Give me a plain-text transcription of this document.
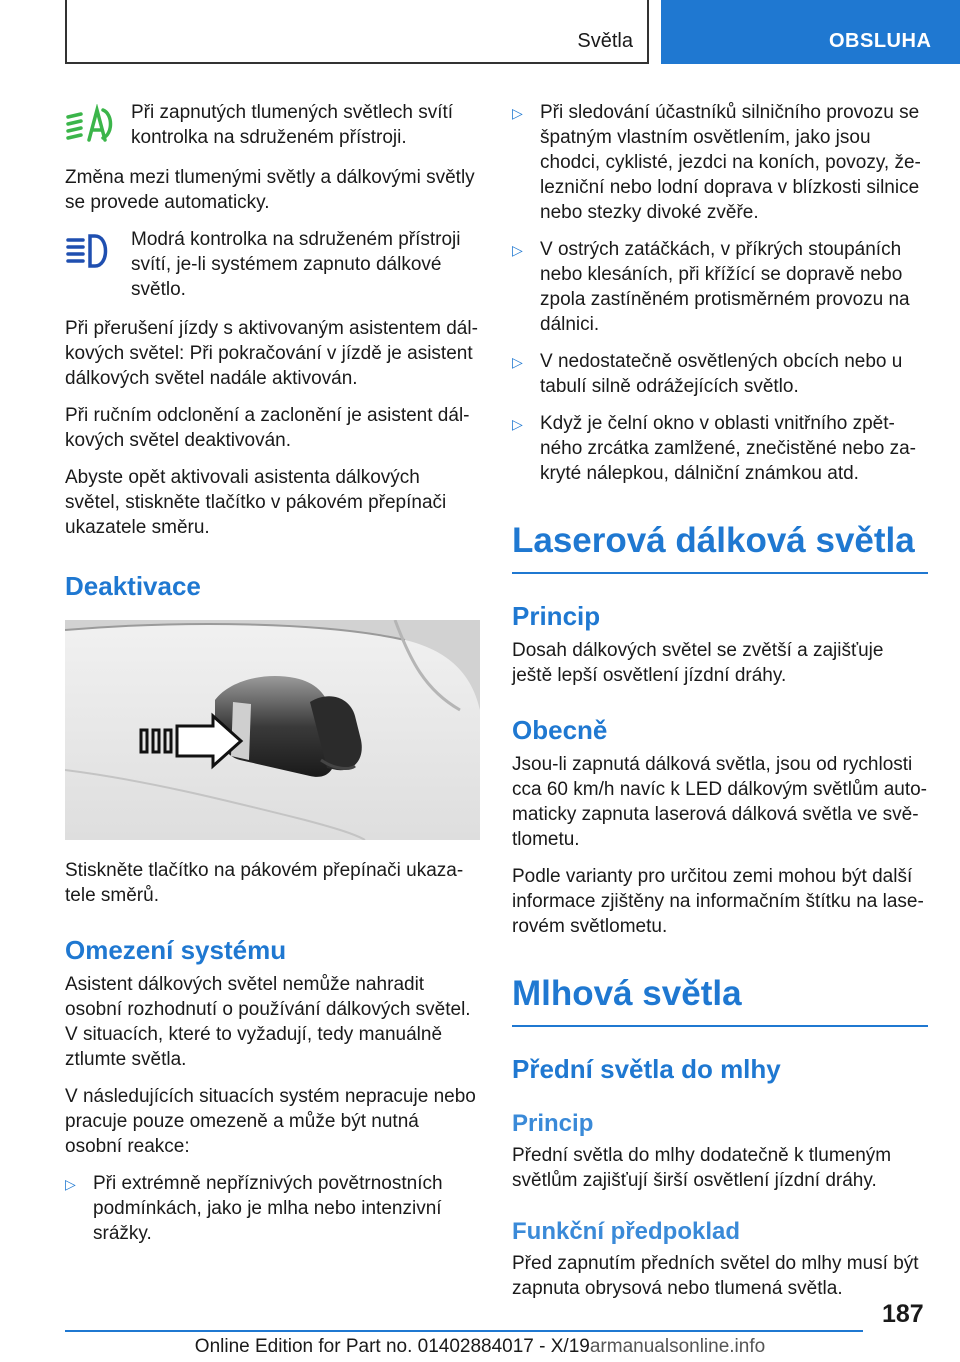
Světla	OBSLUHA
Při zapnutých tlumených světlech svítí kontrolka na sdruženém přístroji.

Změna mezi tlumenými světly a dálkovými světly se provede automaticky.

Modrá kontrolka na sdruženém přístroji svítí, je-li systémem zapnuto dálkové světlo.

Při přerušení jízdy s aktivovaným asistentem dálkových světel: Při pokračování v jízdě je asistent dálkových světel nadále aktivován.

Při ručním odclonění a zaclonění je asistent dálkových světel deaktivován.

Abyste opět aktivovali asistenta dálkových světel, stiskněte tlačítko v pákovém přepínači ukazatele směru.

Deaktivace

Stiskněte tlačítko na pákovém přepínači ukazatele směrů.

Omezení systému

Asistent dálkových světel nemůže nahradit osobní rozhodnutí o používání dálkových světel. V situacích, které to vyžadují, tedy manuálně ztlumte světla.

V následujících situacích systém nepracuje nebo pracuje pouze omezeně a může být nutná osobní reakce:

▷ Při extrémně nepříznivých povětrnostních podmínkách, jako je mlha nebo intenzivní srážky.
▷ Při sledování účastníků silničního provozu se špatným vlastním osvětlením, jako jsou chodci, cyklisté, jezdci na koních, povozy, železniční nebo lodní doprava v blízkosti silnice nebo stezky divoké zvěře.
▷ V ostrých zatáčkách, v příkrých stoupáních nebo klesáních, při křížící se dopravě nebo zpola zastíněném protisměrném provozu na dálnici.
▷ V nedostatečně osvětlených obcích nebo u tabulí silně odrážejících světlo.
▷ Když je čelní okno v oblasti vnitřního zpětného zrcátka zamlžené, znečistěné nebo zakryté nálepkou, dálniční známkou atd.
Laserová dálková světla
Princip

Dosah dálkových světel se zvětší a zajišťuje ještě lepší osvětlení jízdní dráhy.

Obecně

Jsou-li zapnutá dálková světla, jsou od rychlosti cca 60 km/h navíc k LED dálkovým světlům automaticky zapnuta laserová dálková světla ve světlometu.

Podle varianty pro určitou zemi mohou být další informace zjištěny na informačním štítku na laserovém světlometu.

Mlhová světla
Přední světla do mlhy
Princip

Přední světla do mlhy dodatečně k tlumeným světlům zajišťují širší osvětlení jízdní dráhy.

Funkční předpoklad

Před zapnutím předních světel do mlhy musí být zapnuta obrysová nebo tlumená světla.

187
Online Edition for Part no. 01402884017 - X/19armanualsonline.info
